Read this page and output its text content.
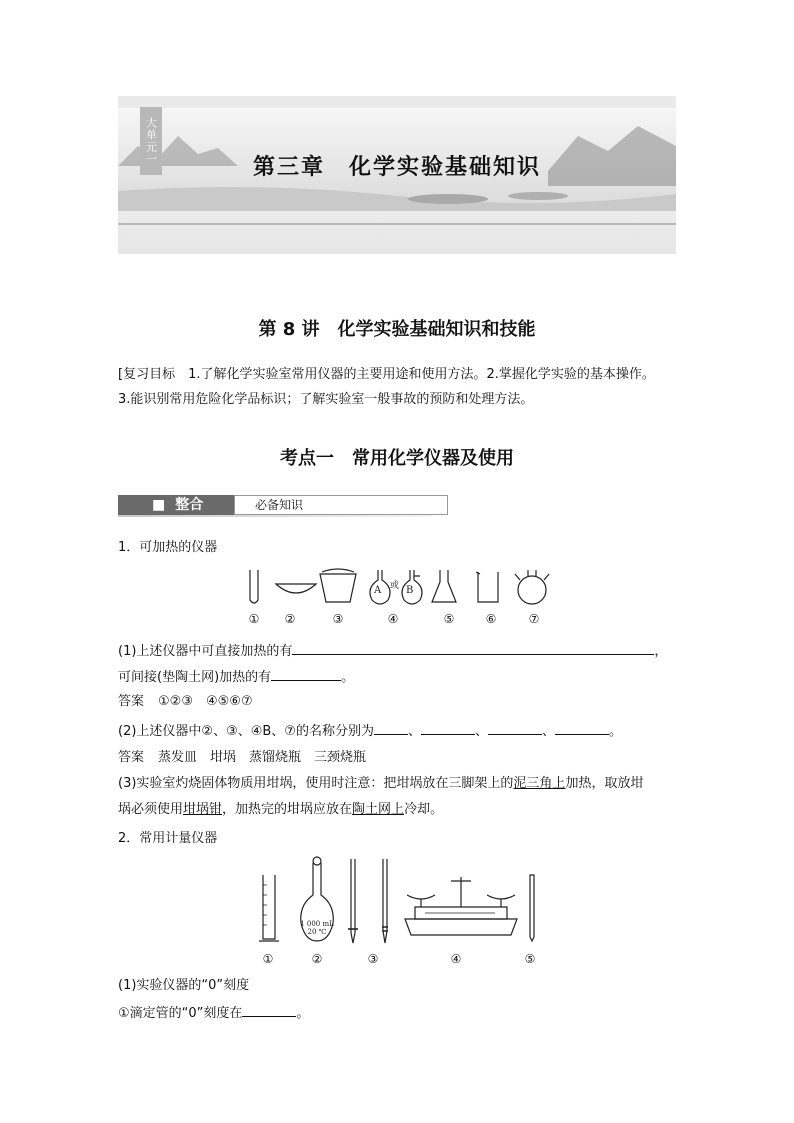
大单元一
第三章　化学实验基础知识
第 8 讲　化学实验基础知识和技能
[复习目标　1.了解化学实验室常用仪器的主要用途和使用方法。2.掌握化学实验的基本操作。
3.能识别常用危险化学品标识；了解实验室一般事故的预防和处理方法。
考点一　常用化学仪器及使用
■ 整合	必备知识
1．可加热的仪器
A 或 B
①	②	③	④	⑤	⑥	⑦
(1)上述仪器中可直接加热的有	，
可间接(垫陶土网)加热的有	。
答案 ①②③　④⑤⑥⑦
(2)上述仪器中②、③、④B、⑦的名称分别为	、	、	、	。
答案 蒸发皿　坩埚　蒸馏烧瓶　三颈烧瓶
(3)实验室灼烧固体物质用坩埚，使用时注意：把坩埚放在三脚架上的泥三角上加热，取放坩
埚必须使用坩埚钳，加热完的坩埚应放在陶土网上冷却。
2．常用计量仪器
1 000 mL
20 ℃
①	②	③	④	⑤
(1)实验仪器的“0”刻度
①滴定管的“0”刻度在	。
